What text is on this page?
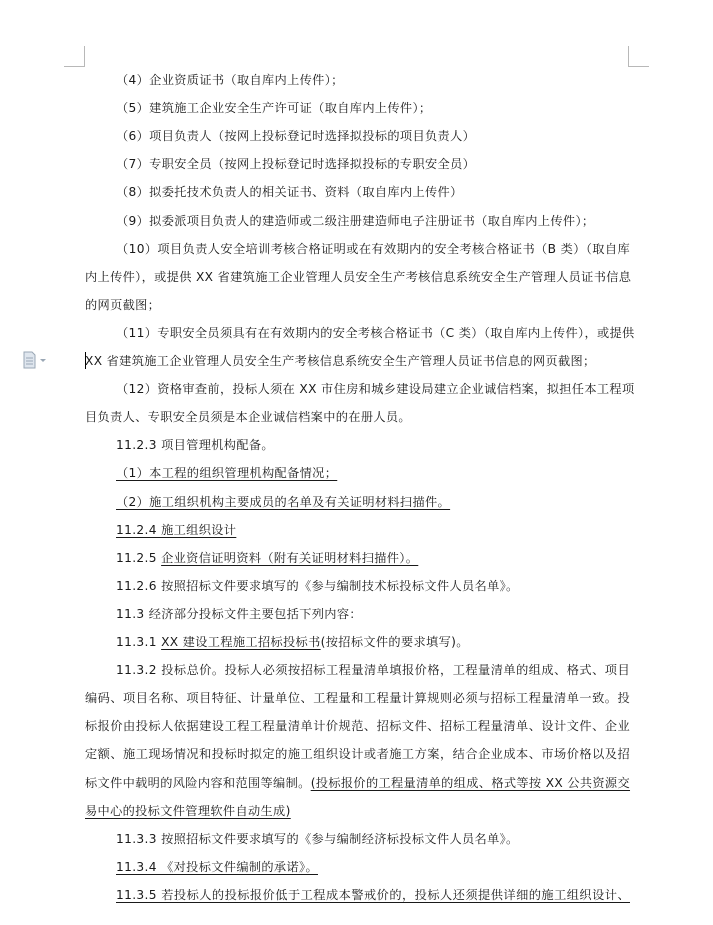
（4）企业资质证书（取自库内上传件）；
（5）建筑施工企业安全生产许可证（取自库内上传件）；
（6）项目负责人（按网上投标登记时选择拟投标的项目负责人）
（7）专职安全员（按网上投标登记时选择拟投标的专职安全员）
（8）拟委托技术负责人的相关证书、资料（取自库内上传件）
（9）拟委派项目负责人的建造师或二级注册建造师电子注册证书（取自库内上传件）；
（10）项目负责人安全培训考核合格证明或在有效期内的安全考核合格证书（B 类）（取自库
内上传件），或提供 XX 省建筑施工企业管理人员安全生产考核信息系统安全生产管理人员证书信息
的网页截图；
（11）专职安全员须具有在有效期内的安全考核合格证书（C 类）（取自库内上传件），或提供
XX 省建筑施工企业管理人员安全生产考核信息系统安全生产管理人员证书信息的网页截图；
（12）资格审查前，投标人须在 XX 市住房和城乡建设局建立企业诚信档案，拟担任本工程项
目负责人、专职安全员须是本企业诚信档案中的在册人员。
11.2.3 项目管理机构配备。
（1）本工程的组织管理机构配备情况；
（2）施工组织机构主要成员的名单及有关证明材料扫描件。
11.2.4 施工组织设计
11.2.5 企业资信证明资料（附有关证明材料扫描件）。
11.2.6 按照招标文件要求填写的《参与编制技术标投标文件人员名单》。
11.3 经济部分投标文件主要包括下列内容：
11.3.1 XX 建设工程施工招标投标书(按招标文件的要求填写)。
11.3.2 投标总价。投标人必须按招标工程量清单填报价格，工程量清单的组成、格式、项目
编码、项目名称、项目特征、计量单位、工程量和工程量计算规则必须与招标工程量清单一致。投
标报价由投标人依据建设工程工程量清单计价规范、招标文件、招标工程量清单、设计文件、企业
定额、施工现场情况和投标时拟定的施工组织设计或者施工方案，结合企业成本、市场价格以及招
标文件中载明的风险内容和范围等编制。(投标报价的工程量清单的组成、格式等按 XX 公共资源交
易中心的投标文件管理软件自动生成)
11.3.3 按照招标文件要求填写的《参与编制经济标投标文件人员名单》。
11.3.4 《对投标文件编制的承诺》。
11.3.5 若投标人的投标报价低于工程成本警戒价的，投标人还须提供详细的施工组织设计、
